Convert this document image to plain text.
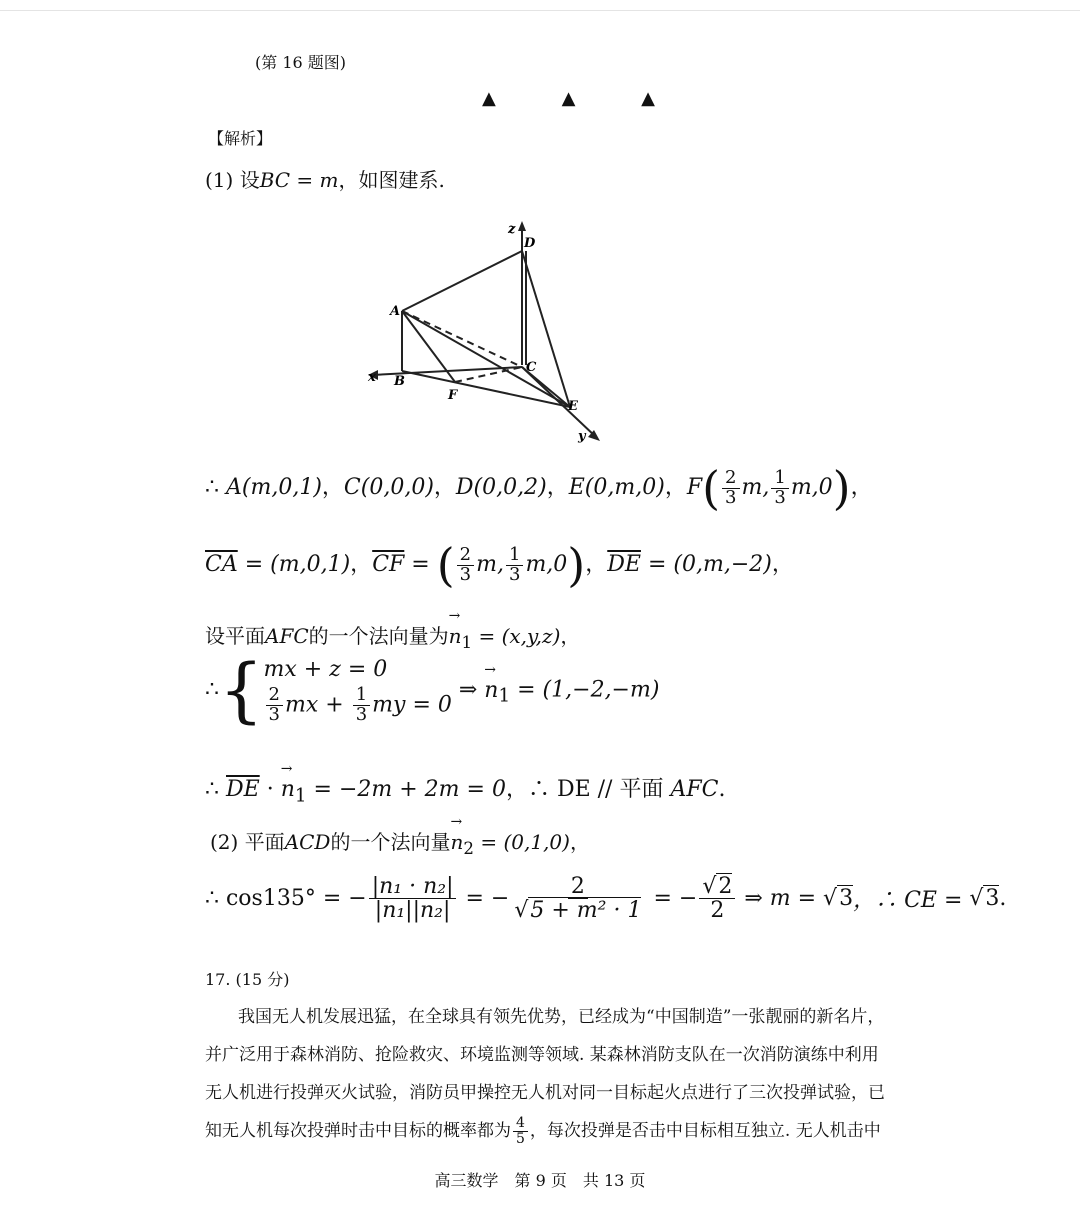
(第 16 题图)
▲ ▲ ▲
【解析】
(1) 设BC = m，如图建系.
z
D
A
C
x B
F
E
y
∴ A(m,0,1)，C(0,0,0)，D(0,0,2)，E(0,m,0)，$F( \frac{2}{3} m$, $\frac{1}{3} m,0$)，
$\overline{CA} = (m,0,1)$，$\overline{CF}$ = ( $\frac{2}{3} m$, $\frac{1}{3} m,0$)，$\overline{DE} = (0,m,-2)$，
设平面AFC的一个法向量为→ $n_1 = (x,y,z)$，
∴{ mx + z = 0
$\frac{2}{3}$ mx + $\frac{1}{3}$ my = 0
⇒ → $n_1 = (1,-2,-m)$
∴ $\overline{DE}$ · → $n_1 = -2m + 2m = 0$，∴ DE // 平面 AFC.
(2) 平面ACD的一个法向量→ $n_2 = (0,1,0)$，
∴ cos135° = − $\frac{\text{|n₁ · n₂|}}{\text{|n₁||n₂|}}$ = − $\frac{2}{\text{√5 + m² · 1}}$ = − $\frac{√2}{2}$ ⇒ m = √3，∴ CE = √3.
17. (15 分)
我国无人机发展迅猛，在全球具有领先优势，已经成为“中国制造”一张靓丽的新名片，
并广泛用于森林消防、抢险救灾、环境监测等领域. 某森林消防支队在一次消防演练中利用
无人机进行投弹灭火试验，消防员甲操控无人机对同一目标起火点进行了三次投弹试验，已
知无人机每次投弹时击中目标的概率都为 $\frac{4}{5}$ ，每次投弹是否击中目标相互独立. 无人机击中
高三数学　第 9 页　共 13 页
